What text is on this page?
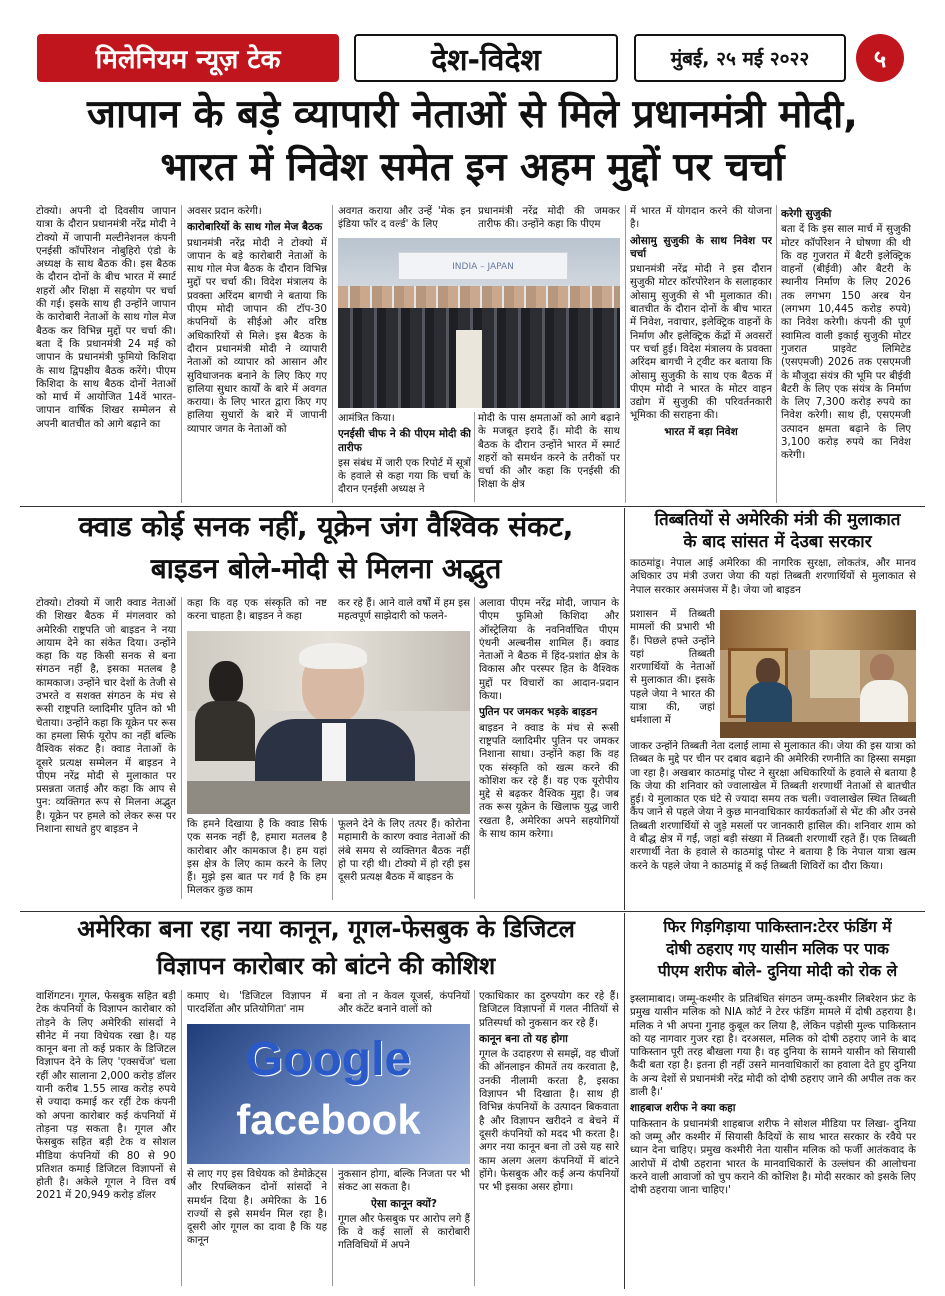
मिलेनियम न्यूज़ टेक	देश-विदेश	मुंबई, २५ मई २०२२	५
जापान के बड़े व्यापारी नेताओं से मिले प्रधानमंत्री मोदी,
भारत में निवेश समेत इन अहम मुद्दों पर चर्चा
टोक्यो। अपनी दो दिवसीय जापान यात्रा के दौरान प्रधानमंत्री नरेंद्र मोदी ने टोक्यो में जापानी मल्टीनेशनल कंपनी एनईसी कॉर्पोरेशन नोबुहिरो एंडो के अध्यक्ष के साथ बैठक की। इस बैठक के दौरान दोनों के बीच भारत में स्मार्ट शहरों और शिक्षा में सहयोग पर चर्चा की गई। इसके साथ ही उन्होंने जापान के कारोबारी नेताओं के साथ गोल मेज बैठक कर विभिन्न मुद्दों पर चर्चा की। बता दें कि प्रधानमंत्री 24 मई को जापान के प्रधानमंत्री फुमियो किशिदा के साथ द्विपक्षीय बैठक करेंगे। पीएम किशिदा के साथ बैठक दोनों नेताओं को मार्च में आयोजित 14वें भारत-जापान वार्षिक शिखर सम्मेलन से अपनी बातचीत को आगे बढ़ाने का

अवसर प्रदान करेगी।

कारोबारियों के साथ गोल मेज बैठक

प्रधानमंत्री नरेंद्र मोदी ने टोक्यो में जापान के बड़े कारोबारी नेताओं के साथ गोल मेज बैठक के दौरान विभिन्न मुद्दों पर चर्चा की। विदेश मंत्रालय के प्रवक्ता अरिंदम बागची ने बताया कि पीएम मोदी जापान की टॉप-30 कंपनियों के सीईओ और वरिष्ठ अधिकारियों से मिले। इस बैठक के दौरान प्रधानमंत्री मोदी ने व्यापारी नेताओं को व्यापार को आसान और सुविधाजनक बनाने के लिए किए गए हालिया सुधार कार्यों के बारे में अवगत कराया। के लिए भारत द्वारा किए गए हालिया सुधारों के बारे में जापानी व्यापार जगत के नेताओं को

अवगत कराया और उन्हें 'मेक इन इंडिया फॉर द वर्ल्ड' के लिए
प्रधानमंत्री नरेंद्र मोदी की जमकर तारीफ की। उन्होंने कहा कि पीएम
INDIA – JAPAN

आमंत्रित किया।

एनईसी चीफ ने की पीएम मोदी की तारीफ

इस संबंध में जारी एक रिपोर्ट में सूत्रों के हवाले से कहा गया कि चर्चा के दौरान एनईसी अध्यक्ष ने

मोदी के पास क्षमताओं को आगे बढ़ाने के मजबूत इरादे हैं। मोदी के साथ बैठक के दौरान उन्होंने भारत में स्मार्ट शहरों को समर्थन करने के तरीकों पर चर्चा की और कहा कि एनईसी की शिक्षा के क्षेत्र

में भारत में योगदान करने की योजना है।

ओसामु सुजुकी के साथ निवेश पर चर्चा

प्रधानमंत्री नरेंद्र मोदी ने इस दौरान सुजुकी मोटर कॉरपोरेशन के सलाहकार ओसामु सुजुकी से भी मुलाकात की। बातचीत के दौरान दोनों के बीच भारत में निवेश, नवाचार, इलेक्ट्रिक वाहनों के निर्माण और इलेक्ट्रिक केंद्रों में अवसरों पर चर्चा हुई। विदेश मंत्रालय के प्रवक्ता अरिंदम बागची ने ट्वीट कर बताया कि ओसामु सुजुकी के साथ एक बैठक में पीएम मोदी ने भारत के मोटर वाहन उद्योग में सुजुकी की परिवर्तनकारी भूमिका की सराहना की।

भारत में बड़ा निवेश
करेगी सुजुकी

बता दें कि इस साल मार्च में सुजुकी मोटर कॉर्पोरेशन ने घोषणा की थी कि वह गुजरात में बैटरी इलेक्ट्रिक वाहनों (बीईवी) और बैटरी के स्थानीय निर्माण के लिए 2026 तक लगभग 150 अरब येन (लगभग 10,445 करोड़ रुपये) का निवेश करेगी। कंपनी की पूर्ण स्वामित्व वाली इकाई सुजुकी मोटर गुजरात प्राइवेट लिमिटेड (एसएमजी) 2026 तक एसएमजी के मौजूदा संयंत्र की भूमि पर बीईवी बैटरी के लिए एक संयंत्र के निर्माण के लिए 7,300 करोड़ रुपये का निवेश करेगी। साथ ही, एसएमजी उत्पादन क्षमता बढ़ाने के लिए 3,100 करोड़ रुपये का निवेश करेगी।

क्वाड कोई सनक नहीं, यूक्रेन जंग वैश्विक संकट,
बाइडन बोले-मोदी से मिलना अद्भुत
टोक्यो। टोक्यो में जारी क्वाड नेताओं की शिखर बैठक में मंगलवार को अमेरिकी राष्ट्रपति जो बाइडन ने नया आयाम देने का संकेत दिया। उन्होंने कहा कि यह किसी सनक से बना संगठन नहीं है, इसका मतलब है कामकाज। उन्होंने चार देशों के तेजी से उभरते व सशक्त संगठन के मंच से रूसी राष्ट्रपति व्लादिमीर पुतिन को भी चेताया। उन्होंने कहा कि यूक्रेन पर रूस का हमला सिर्फ यूरोप का नहीं बल्कि वैश्विक संकट है। क्वाड नेताओं के दूसरे प्रत्यक्ष सम्मेलन में बाइडन ने पीएम नरेंद्र मोदी से मुलाकात पर प्रसन्नता जताई और कहा कि आप से पुन: व्यक्तिगत रूप से मिलना अद्भुत है। यूक्रेन पर हमले को लेकर रूस पर निशाना साधते हुए बाइडन ने
कहा कि वह एक संस्कृति को नष्ट करना चाहता है। बाइडन ने कहा
कर रहे हैं। आने वाले वर्षों में हम इस महत्वपूर्ण साझेदारी को फलने-
कि हमने दिखाया है कि क्वाड सिर्फ एक सनक नहीं है, हमारा मतलब है कारोबार और कामकाज है। हम यहां इस क्षेत्र के लिए काम करने के लिए हैं। मुझे इस बात पर गर्व है कि हम मिलकर कुछ काम
फूलने देने के लिए तत्पर हैं। कोरोना महामारी के कारण क्वाड नेताओं की लंबे समय से व्यक्तिगत बैठक नहीं हो पा रही थी। टोक्यो में हो रही इस दूसरी प्रत्यक्ष बैठक में बाइडन के

अलावा पीएम नरेंद्र मोदी, जापान के पीएम फुमिओ किशिदा और ऑस्ट्रेलिया के नवनिर्वाचित पीएम एंथनी अल्बनीस शामिल हैं। क्वाड नेताओं ने बैठक में हिंद-प्रशांत क्षेत्र के विकास और परस्पर हित के वैश्विक मुद्दों पर विचारों का आदान-प्रदान किया।

पुतिन पर जमकर भड़के बाइडन

बाइडन ने क्वाड के मंच से रूसी राष्ट्रपति व्लादिमीर पुतिन पर जमकर निशाना साधा। उन्होंने कहा कि वह एक संस्कृति को खत्म करने की कोशिश कर रहे हैं। यह एक यूरोपीय मुद्दे से बढ़कर वैश्विक मुद्दा है। जब तक रूस यूक्रेन के खिलाफ युद्ध जारी रखता है, अमेरिका अपने सहयोगियों के साथ काम करेगा।

तिब्बतियों से अमेरिकी मंत्री की मुलाकात
के बाद सांसत में देउबा सरकार
काठमांडू। नेपाल आई अमेरिका की नागरिक सुरक्षा, लोकतंत्र, और मानव अधिकार उप मंत्री उजरा जेया की यहां तिब्बती शरणार्थियों से मुलाकात से नेपाल सरकार असमंजस में है। जेया जो बाइडन
प्रशासन में तिब्बती मामलों की प्रभारी भी हैं। पिछले हफ्ते उन्होंने यहां तिब्बती शरणार्थियों के नेताओं से मुलाकात की। इसके पहले जेया ने भारत की यात्रा की, जहां धर्मशाला में
जाकर उन्होंने तिब्बती नेता दलाई लामा से मुलाकात की। जेया की इस यात्रा को तिब्बत के मुद्दे पर चीन पर दबाव बढ़ाने की अमेरिकी रणनीति का हिस्सा समझा जा रहा है। अखबार काठमांडू पोस्ट ने सुरक्षा अधिकारियों के हवाले से बताया है कि जेया की शनिवार को ज्वालाखेल में तिब्बती शरणार्थी नेताओं से बातचीत हुई। ये मुलाकात एक घंटे से ज्यादा समय तक चली। ज्वालाखेल स्थित तिब्बती कैंप जाने से पहले जेया ने कुछ मानवाधिकार कार्यकर्ताओं से भेंट की और उनसे तिब्बती शरणार्थियों से जुड़े मसलों पर जानकारी हासिल की। शनिवार शाम को वे बौद्ध क्षेत्र में गईं, जहां बड़ी संख्या में तिब्बती शरणार्थी रहते हैं। एक तिब्बती शरणार्थी नेता के हवाले से काठमांडू पोस्ट ने बताया है कि नेपाल यात्रा खत्म करने के पहले जेया ने काठमांडू में कई तिब्बती शिविरों का दौरा किया।
अमेरिका बना रहा नया कानून, गूगल-फेसबुक के डिजिटल
विज्ञापन कारोबार को बांटने की कोशिश
वाशिंगटन। गूगल, फेसबुक सहित बड़ी टेक कंपनियों के विज्ञापन कारोबार को तोड़ने के लिए अमेरिकी सांसदों ने सीनेट में नया विधेयक रखा है। यह कानून बना तो कई प्रकार के डिजिटल विज्ञापन देने के लिए 'एक्सचेंज' चला रहीं और सालाना 2,000 करोड़ डॉलर यानी करीब 1.55 लाख करोड़ रुपये से ज्यादा कमाई कर रहीं टेक कंपनी को अपना कारोबार कई कंपनियों में तोड़ना पड़ सकता है। गूगल और फेसबुक सहित बड़ी टेक व सोशल मीडिया कंपनियों की 80 से 90 प्रतिशत कमाई डिजिटल विज्ञापनों से होती है। अकेले गूगल ने वित्त वर्ष 2021 में 20,949 करोड़ डॉलर
कमाए थे। 'डिजिटल विज्ञापन में पारदर्शिता और प्रतियोगिता' नाम
बना तो न केवल यूजर्स, कंपनियों और कंटेंट बनाने वालों को
Google
facebook
से लाए गए इस विधेयक को डेमोक्रेट्स और रिपब्लिकन दोनों सांसदों ने समर्थन दिया है। अमेरिका के 16 राज्यों से इसे समर्थन मिल रहा है। दूसरी ओर गूगल का दावा है कि यह कानून

नुकसान होगा, बल्कि निजता पर भी संकट आ सकता है।

ऐसा कानून क्यों?

गूगल और फेसबुक पर आरोप लगे हैं कि वे कई सालों से कारोबारी गतिविधियों में अपने

एकाधिकार का दुरुपयोग कर रहे हैं। डिजिटल विज्ञापनों में गलत नीतियों से प्रतिस्पर्धा को नुकसान कर रहे हैं।

कानून बना तो यह होगा

गूगल के उदाहरण से समझें, वह चीजों की ऑनलाइन कीमतें तय करवाता है, उनकी नीलामी करता है, इसका विज्ञापन भी दिखाता है। साथ ही विभिन्न कंपनियों के उत्पादन बिकवाता है और विज्ञापन खरीदने व बेचने में दूसरी कंपनियों को मदद भी करता है। अगर नया कानून बना तो उसे यह सारे काम अलग अलग कंपनियों में बांटने होंगे। फेसबुक और कई अन्य कंपनियों पर भी इसका असर होगा।

फिर गिड़गिड़ाया पाकिस्तान:टेरर फंडिंग में
दोषी ठहराए गए यासीन मलिक पर पाक
पीएम शरीफ बोले- दुनिया मोदी को रोक ले

इस्लामाबाद। जम्मू-कश्मीर के प्रतिबंधित संगठन जम्मू-कश्मीर लिबरेशन फ्रंट के प्रमुख यासीन मलिक को NIA कोर्ट ने टेरर फंडिंग मामले में दोषी ठहराया है। मलिक ने भी अपना गुनाह कुबूल कर लिया है, लेकिन पड़ोसी मुल्क पाकिस्तान को यह नागवार गुजर रहा है। दरअसल, मलिक को दोषी ठहराए जाने के बाद पाकिस्तान पूरी तरह बौखला गया है। वह दुनिया के सामने यासीन को सियासी कैदी बता रहा है। इतना ही नहीं उसने मानवाधिकारों का हवाला देते हुए दुनिया के अन्य देशों से प्रधानमंत्री नरेंद्र मोदी को दोषी ठहराए जाने की अपील तक कर डाली है।'

शाहबाज शरीफ ने क्या कहा

पाकिस्तान के प्रधानमंत्री शाहबाज शरीफ ने सोशल मीडिया पर लिखा- दुनिया को जम्मू और कश्मीर में सियासी कैदियों के साथ भारत सरकार के रवैये पर ध्यान देना चाहिए। प्रमुख कश्मीरी नेता यासीन मलिक को फर्जी आतंकवाद के आरोपों में दोषी ठहराना भारत के मानवाधिकारों के उल्लंघन की आलोचना करने वाली आवाजों को चुप कराने की कोशिश है। मोदी सरकार को इसके लिए दोषी ठहराया जाना चाहिए।'
